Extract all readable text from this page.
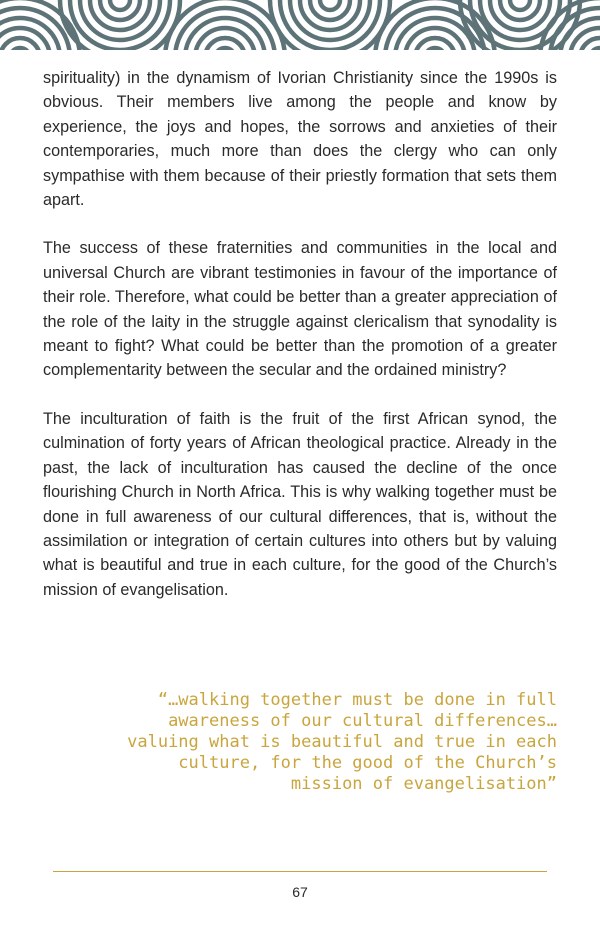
spirituality) in the dynamism of Ivorian Christianity since the 1990s is obvious. Their members live among the people and know by experience, the joys and hopes, the sorrows and anxieties of their contemporaries, much more than does the clergy who can only sympathise with them because of their priestly formation that sets them apart.

The success of these fraternities and communities in the local and universal Church are vibrant testimonies in favour of the importance of their role. Therefore, what could be better than a greater appreciation of the role of the laity in the struggle against clericalism that synodality is meant to fight? What could be better than the promotion of a greater complementarity between the secular and the ordained ministry?

The inculturation of faith is the fruit of the first African synod, the culmination of forty years of African theological practice. Already in the past, the lack of inculturation has caused the decline of the once flourishing Church in North Africa. This is why walking together must be done in full awareness of our cultural differences, that is, without the assimilation or integration of certain cultures into others but by valuing what is beautiful and true in each culture, for the good of the Church’s mission of evangelisation.

“…walking together must be done in full
awareness of our cultural differences…
valuing what is beautiful and true in each
culture, for the good of the Church’s
mission of evangelisation”
67
